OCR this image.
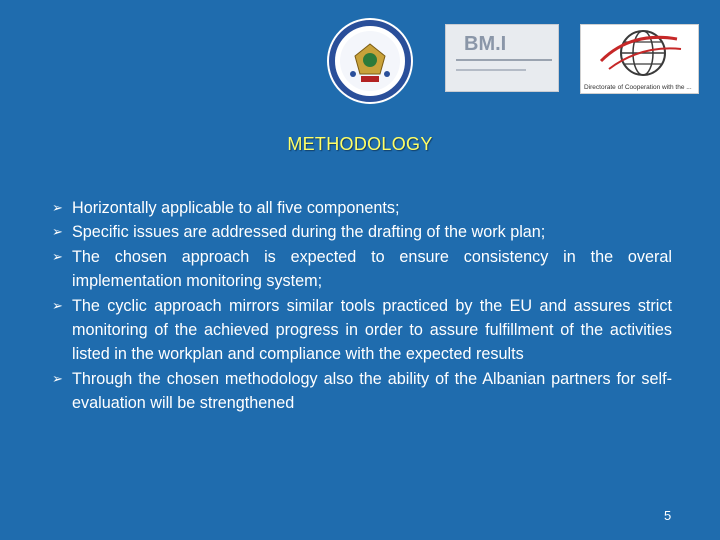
BM.I
Directorate of Cooperation with the ...
METHODOLOGY
➢ Horizontally applicable to all five components;
➢ Specific issues are addressed during the drafting of the work plan;
➢ The chosen approach is expected to ensure consistency in the overal implementation monitoring system;
➢ The cyclic approach mirrors similar tools practiced by the EU and assures strict monitoring of the achieved progress in order to assure fulfillment of the activities listed in the workplan and compliance with the expected results
➢ Through the chosen methodology also the ability of the Albanian partners for self-evaluation will be strengthened
5
